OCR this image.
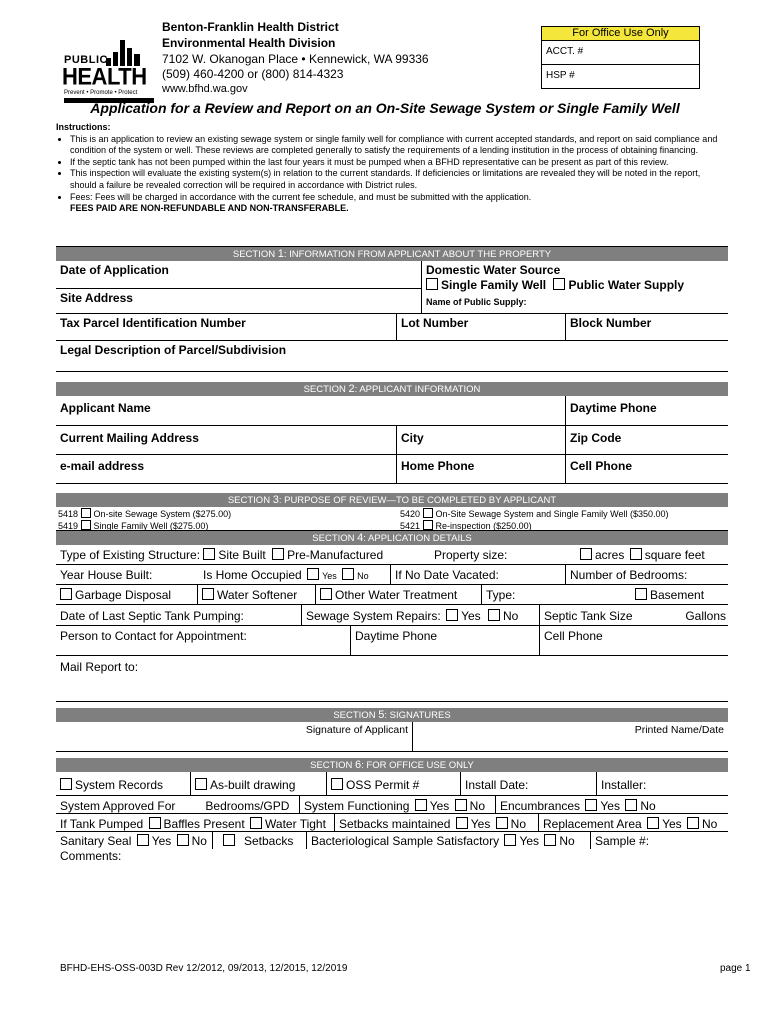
PUBLIC
HEALTH
Prevent • Promote • Protect
Benton-Franklin Health District
Environmental Health Division
7102 W. Okanogan Place • Kennewick, WA 99336
(509) 460-4200 or (800) 814-4323
www.bfhd.wa.gov
For Office Use Only
ACCT. #
HSP #
Application for a Review and Report on an On-Site Sewage System or Single Family Well
Instructions:
• This is an application to review an existing sewage system or single family well for compliance with current accepted standards, and report on said compliance and condition of the system or well. These reviews are completed generally to satisfy the requirements of a lending institution in the process of obtaining financing.
• If the septic tank has not been pumped within the last four years it must be pumped when a BFHD representative can be present as part of this review.
• This inspection will evaluate the existing system(s) in relation to the current standards. If deficiencies or limitations are revealed they will be noted in the report, should a failure be revealed correction will be required in accordance with District rules.
• Fees: Fees will be charged in accordance with the current fee schedule, and must be submitted with the application.
FEES PAID ARE NON-REFUNDABLE AND NON-TRANSFERABLE.
SECTION 1: INFORMATION FROM APPLICANT ABOUT THE PROPERTY
Date of Application
Site Address
Domestic Water Source
Single Family Well Public Water Supply
Name of Public Supply:
Tax Parcel Identification Number	Lot Number	Block Number
Legal Description of Parcel/Subdivision
SECTION 2: APPLICANT INFORMATION
Applicant Name	Daytime Phone
Current Mailing Address	City	Zip Code
e-mail address	Home Phone	Cell Phone
SECTION 3: PURPOSE OF REVIEW—TO BE COMPLETED BY APPLICANT
5418 On-site Sewage System ($275.00)
5419 Single Family Well ($275.00)
5420 On-Site Sewage System and Single Family Well ($350.00)
5421 Re-inspection ($250.00)
SECTION 4: APPLICATION DETAILS
Type of Existing Structure: Site Built Pre-Manufactured	Property size:	acres square feet
Year House Built:	Is Home Occupied Yes No	If No Date Vacated:	Number of Bedrooms:
Garbage Disposal	Water Softener	Other Water Treatment	Type:	Basement
Date of Last Septic Tank Pumping:	Sewage System Repairs: Yes No	Septic Tank Size	Gallons
Person to Contact for Appointment:	Daytime Phone	Cell Phone
Mail Report to:
SECTION 5: SIGNATURES
Signature of Applicant	Printed Name/Date
SECTION 6: FOR OFFICE USE ONLY
System Records	As-built drawing	OSS Permit #	Install Date:	Installer:
System Approved For	Bedrooms/GPD	System Functioning Yes No	Encumbrances Yes No
If Tank Pumped Baffles Present Water Tight	Setbacks maintained Yes No	Replacement Area Yes No
Sanitary Seal Yes No	Setbacks	Bacteriological Sample Satisfactory Yes No	Sample #:
Comments:
BFHD-EHS-OSS-003D Rev 12/2012, 09/2013, 12/2015, 12/2019	page 1
